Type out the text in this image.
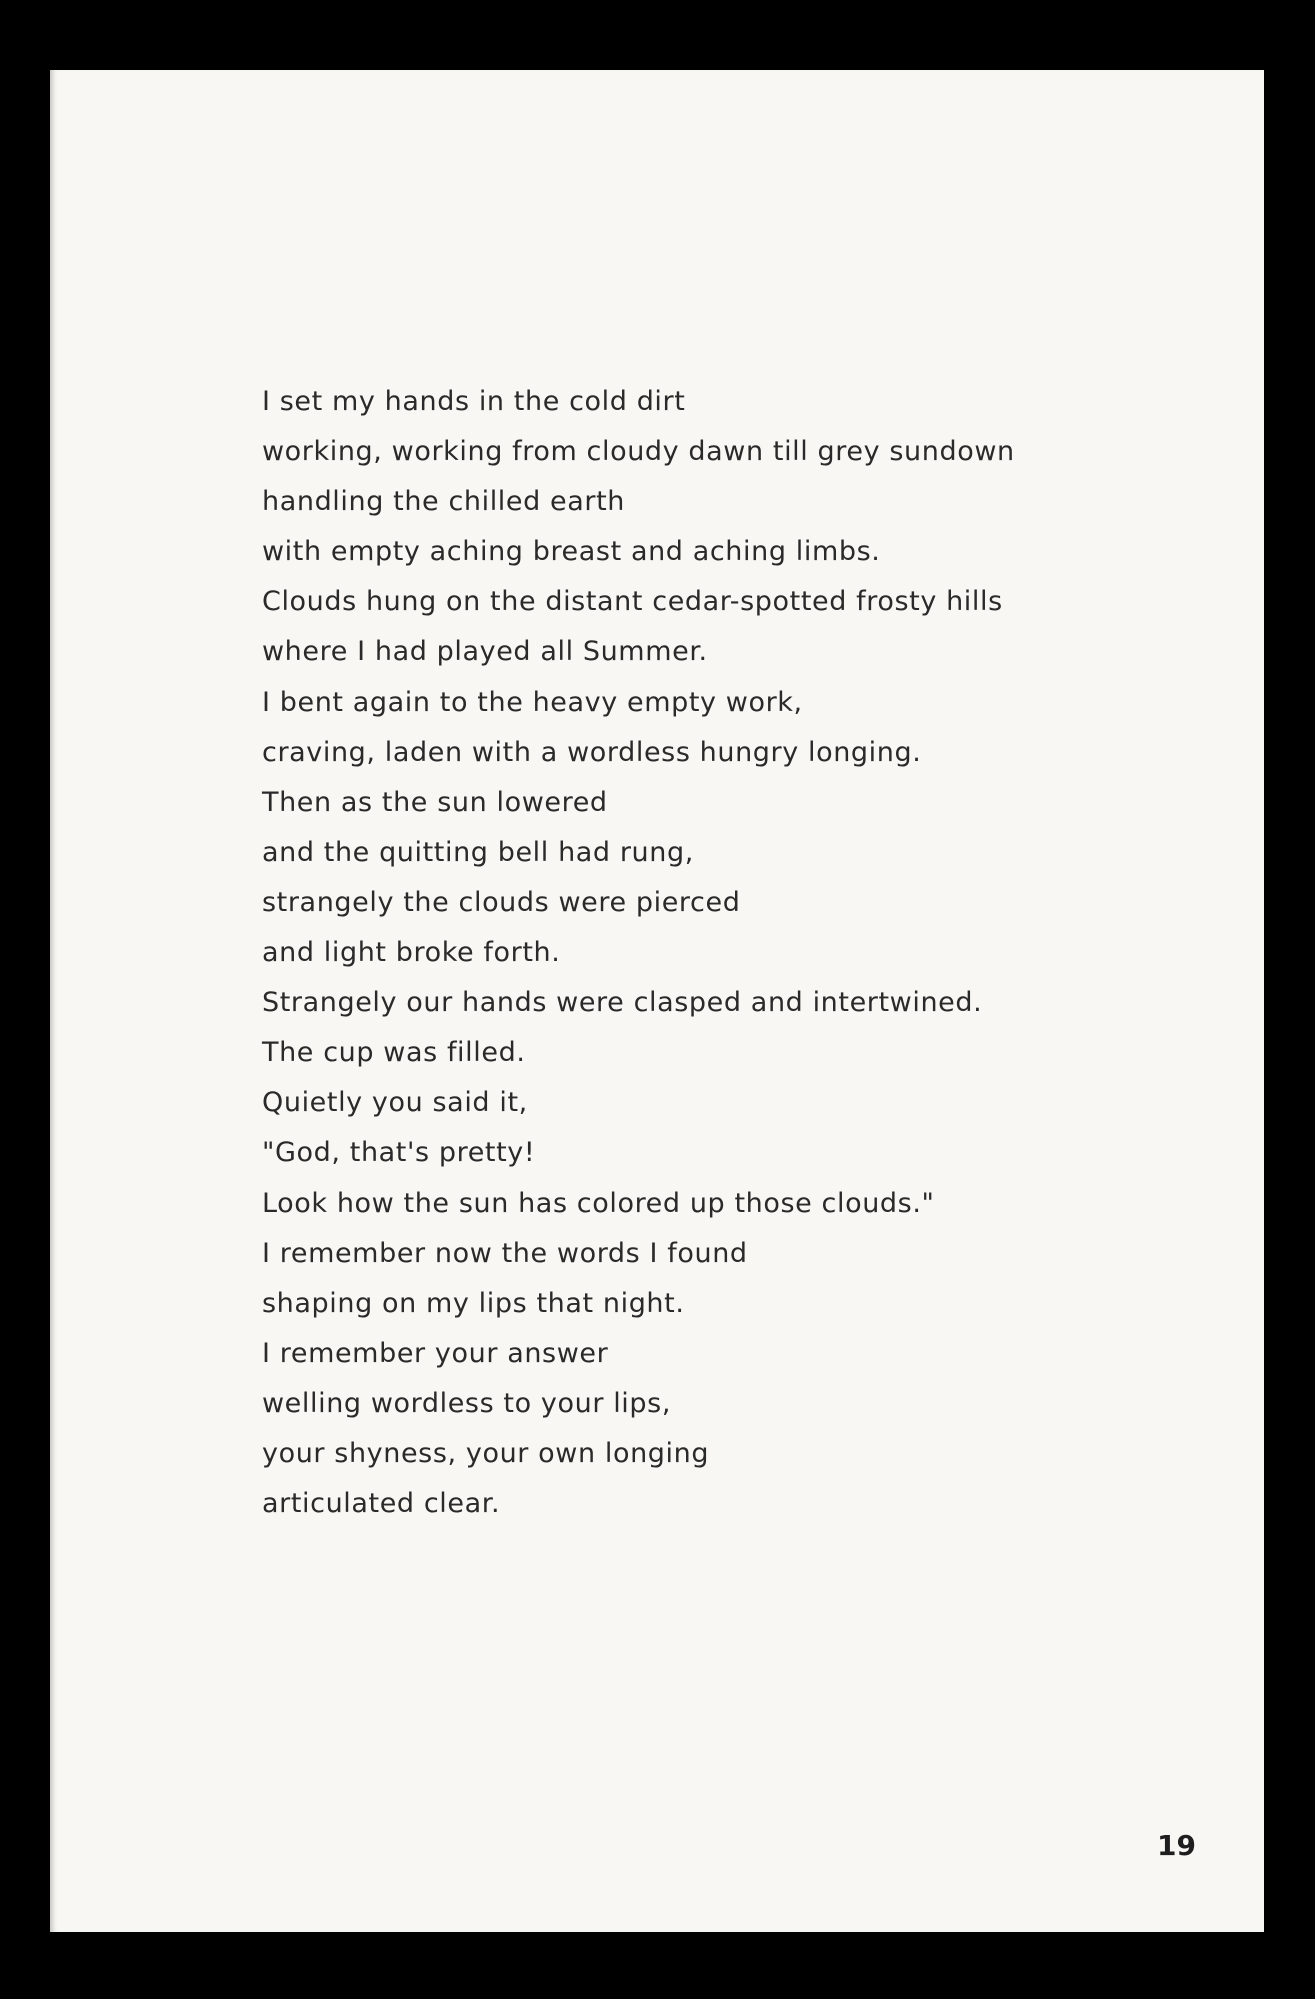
I set my hands in the cold dirt
working, working from cloudy dawn till grey sundown
handling the chilled earth
with empty aching breast and aching limbs.
Clouds hung on the distant cedar-spotted frosty hills
where I had played all Summer.
I bent again to the heavy empty work,
craving, laden with a wordless hungry longing.
Then as the sun lowered
and the quitting bell had rung,
strangely the clouds were pierced
and light broke forth.
Strangely our hands were clasped and intertwined.
The cup was filled.
Quietly you said it,
"God, that's pretty!
Look how the sun has colored up those clouds."
I remember now the words I found
shaping on my lips that night.
I remember your answer
welling wordless to your lips,
your shyness, your own longing
articulated clear.
19
